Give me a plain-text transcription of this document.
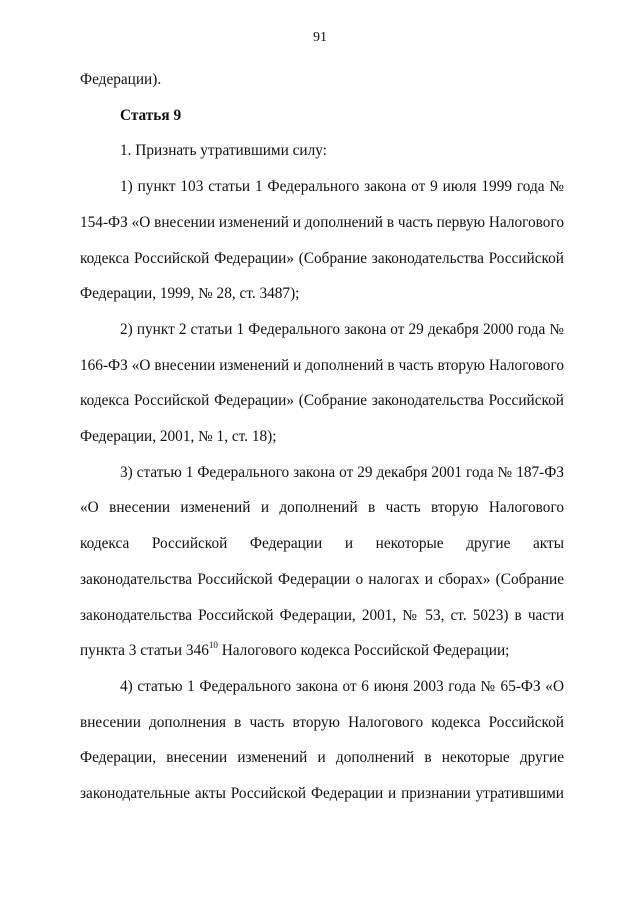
91

Федерации).

Статья 9

1. Признать утратившими силу:

1) пункт 103 статьи 1 Федерального закона от 9 июля 1999 года № 154-ФЗ «О внесении изменений и дополнений в часть первую Налогового кодекса Российской Федерации» (Собрание законодательства Российской Федерации, 1999, № 28, ст. 3487);

2) пункт 2 статьи 1 Федерального закона от 29 декабря 2000 года № 166-ФЗ «О внесении изменений и дополнений в часть вторую Налогового кодекса Российской Федерации» (Собрание законодательства Российской Федерации, 2001, № 1, ст. 18);

3) статью 1 Федерального закона от 29 декабря 2001 года № 187-ФЗ «О внесении изменений и дополнений в часть вторую Налогового кодекса Российской Федерации и некоторые другие акты законодательства Российской Федерации о налогах и сборах» (Собрание законодательства Российской Федерации, 2001, № 53, ст. 5023) в части пункта 3 статьи $346^{10}$ Налогового кодекса Российской Федерации;

4) статью 1 Федерального закона от 6 июня 2003 года № 65-ФЗ «О внесении дополнения в часть вторую Налогового кодекса Российской Федерации, внесении изменений и дополнений в некоторые другие законодательные акты Российской Федерации и признании утратившими
